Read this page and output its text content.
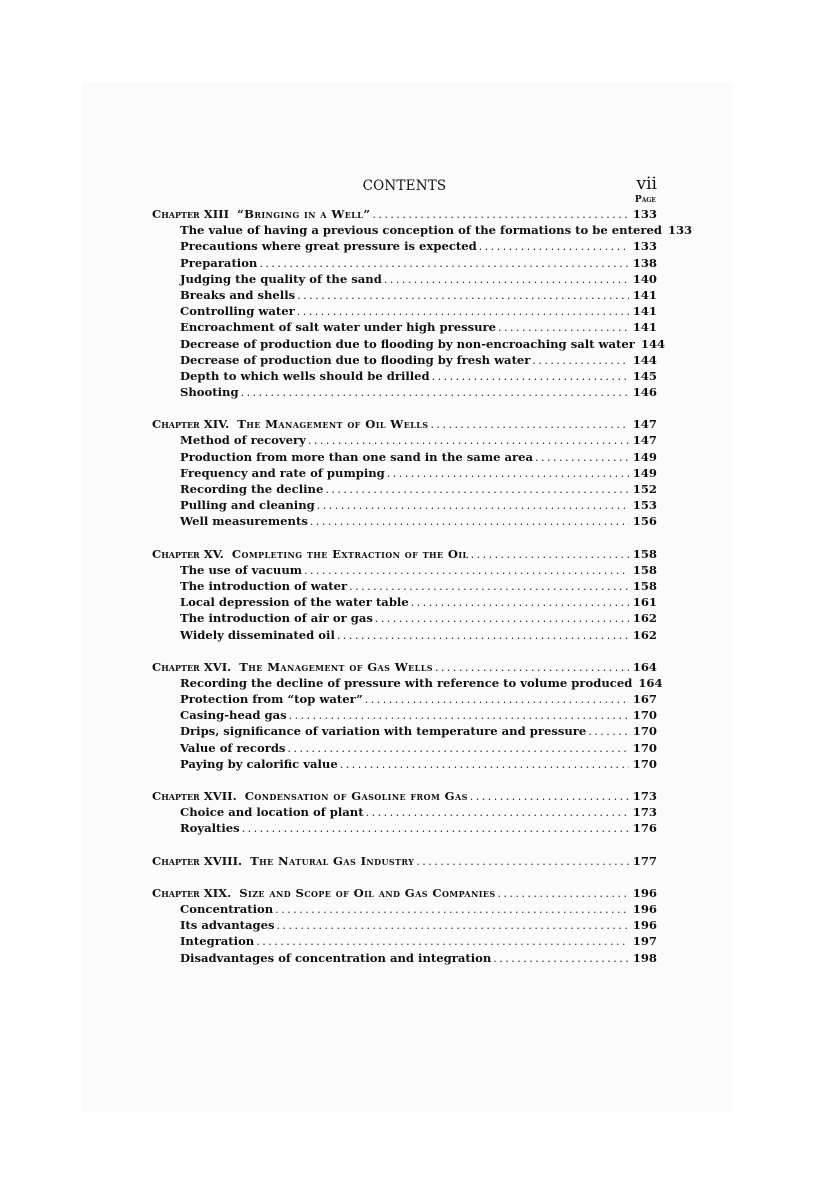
CONTENTS	vii
Page
Chapter XIII “Bringing in a Well” .....	133
The value of having a previous conception of the formations to be entered 133
Precautions where great pressure is expected .....	133
Preparation .....	138
Judging the quality of the sand .....	140
Breaks and shells .....	141
Controlling water .....	141
Encroachment of salt water under high pressure .....	141
Decrease of production due to flooding by non-encroaching salt water 144
Decrease of production due to flooding by fresh water .....	144
Depth to which wells should be drilled .....	145
Shooting .....	146
Chapter XIV. The Management of Oil Wells .....	147
Method of recovery .....	147
Production from more than one sand in the same area .....	149
Frequency and rate of pumping .....	149
Recording the decline .....	152
Pulling and cleaning .....	153
Well measurements .....	156
Chapter XV. Completing the Extraction of the Oil .....	158
The use of vacuum .....	158
The introduction of water .....	158
Local depression of the water table .....	161
The introduction of air or gas .....	162
Widely disseminated oil .....	162
Chapter XVI. The Management of Gas Wells .....	164
Recording the decline of pressure with reference to volume produced 164
Protection from “top water” .....	167
Casing-head gas .....	170
Drips, significance of variation with temperature and pressure .....	170
Value of records .....	170
Paying by calorific value .....	170
Chapter XVII. Condensation of Gasoline from Gas .....	173
Choice and location of plant .....	173
Royalties .....	176
Chapter XVIII. The Natural Gas Industry .....	177
Chapter XIX. Size and Scope of Oil and Gas Companies .....	196
Concentration .....	196
Its advantages .....	196
Integration .....	197
Disadvantages of concentration and integration .....	198
